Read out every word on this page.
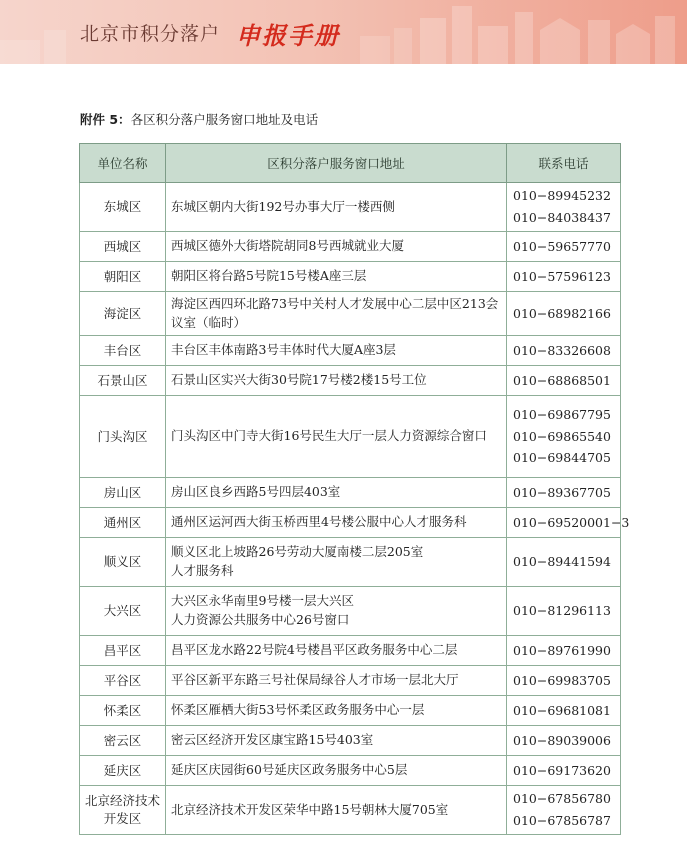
北京市积分落户 申报手册
附件 5：各区积分落户服务窗口地址及电话
单位名称	区积分落户服务窗口地址	联系电话
东城区	东城区朝内大街192号办事大厅一楼西侧	010−89945232
010−84038437

西城区	西城区德外大街塔院胡同8号西城就业大厦	010−59657770

朝阳区	朝阳区将台路5号院15号楼A座三层	010−57596123

海淀区	海淀区西四环北路73号中关村人才发展中心二层中区213会议室（临时）	010−68982166

丰台区	丰台区丰体南路3号丰体时代大厦A座3层	010−83326608

石景山区	石景山区实兴大街30号院17号楼2楼15号工位	010−68868501

门头沟区	门头沟区中门寺大街16号民生大厅一层人力资源综合窗口	010−69867795
010−69865540
010−69844705

房山区	房山区良乡西路5号四层403室	010−89367705

通州区	通州区运河西大街玉桥西里4号楼公服中心人才服务科	010−69520001−3

顺义区	顺义区北上坡路26号劳动大厦南楼二层205室
人才服务科	010−89441594

大兴区	大兴区永华南里9号楼一层大兴区
人力资源公共服务中心26号窗口	010−81296113

昌平区	昌平区龙水路22号院4号楼昌平区政务服务中心二层	010−89761990

平谷区	平谷区新平东路三号社保局绿谷人才市场一层北大厅	010−69983705

怀柔区	怀柔区雁栖大街53号怀柔区政务服务中心一层	010−69681081

密云区	密云区经济开发区康宝路15号403室	010−89039006

延庆区	延庆区庆园街60号延庆区政务服务中心5层	010−69173620

北京经济技术开发区	北京经济技术开发区荣华中路15号朝林大厦705室	010−67856780
010−67856787
